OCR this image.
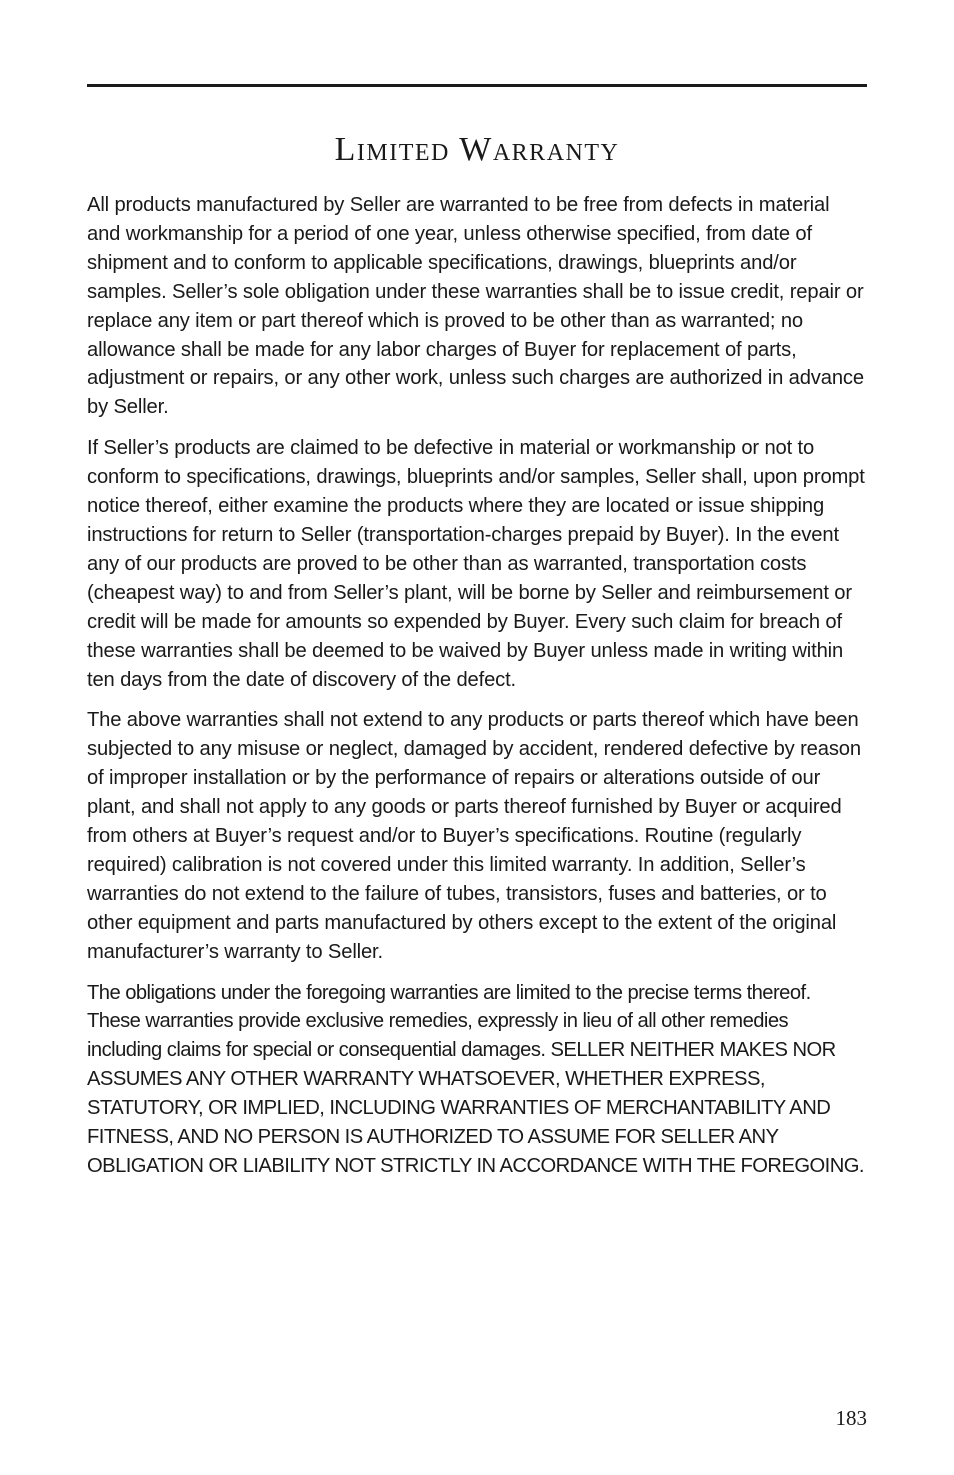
Limited Warranty

All products manufactured by Seller are warranted to be free from defects in material and workmanship for a period of one year, unless otherwise specified, from date of shipment and to conform to applicable specifications, drawings, blueprints and/or samples. Seller’s sole obligation under these warranties shall be to issue credit, repair or replace any item or part thereof which is proved to be other than as warranted; no allowance shall be made for any labor charges of Buyer for replacement of parts, adjustment or repairs, or any other work, unless such charges are authorized in advance by Seller.

If Seller’s products are claimed to be defective in material or workmanship or not to conform to specifications, drawings, blueprints and/or samples, Seller shall, upon prompt notice thereof, either examine the products where they are located or issue shipping instructions for return to Seller (transportation-charges prepaid by Buyer). In the event any of our products are proved to be other than as warranted, transportation costs (cheapest way) to and from Seller’s plant, will be borne by Seller and reimbursement or credit will be made for amounts so expended by Buyer. Every such claim for breach of these warranties shall be deemed to be waived by Buyer unless made in writing within ten days from the date of discovery of the defect.

The above warranties shall not extend to any products or parts thereof which have been subjected to any misuse or neglect, damaged by accident, rendered defective by reason of improper installation or by the performance of repairs or alterations outside of our plant, and shall not apply to any goods or parts thereof furnished by Buyer or acquired from others at Buyer’s request and/or to Buyer’s specifications. Routine (regularly required) calibration is not covered under this limited warranty. In addition, Seller’s warranties do not extend to the failure of tubes, transistors, fuses and batteries, or to other equipment and parts manufactured by others except to the extent of the original manufacturer’s warranty to Seller.

The obligations under the foregoing warranties are limited to the precise terms thereof. These warranties provide exclusive remedies, expressly in lieu of all other remedies including claims for special or consequential damages. SELLER NEITHER MAKES NOR ASSUMES ANY OTHER WARRANTY WHATSOEVER, WHETHER EXPRESS, STATUTORY, OR IMPLIED, INCLUDING WARRANTIES OF MERCHANTABILITY AND FITNESS, AND NO PERSON IS AUTHORIZED TO ASSUME FOR SELLER ANY OBLIGATION OR LIABILITY NOT STRICTLY IN ACCORDANCE WITH THE FOREGOING.

183
